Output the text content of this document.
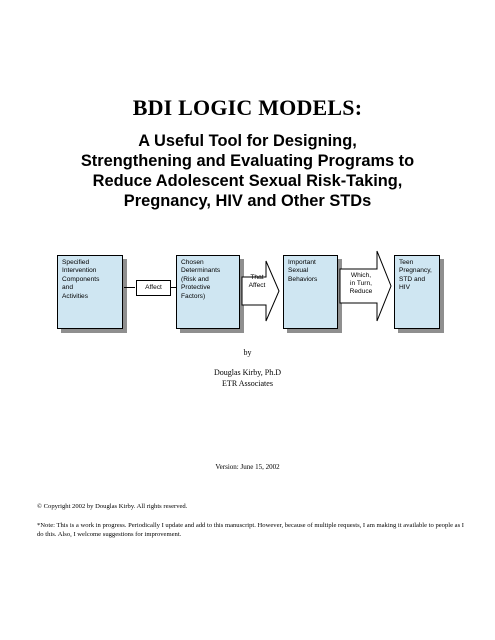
BDI LOGIC MODELS:
A Useful Tool for Designing,
Strengthening and Evaluating Programs to
Reduce Adolescent Sexual Risk-Taking,
Pregnancy, HIV and Other STDs
Specified
Intervention
Components
and
Activities
Affect
Chosen
Determinants
(Risk and
Protective
Factors)
That
Affect
Important
Sexual
Behaviors
Which,
in Turn,
Reduce
Teen
Pregnancy,
STD and
HIV
by
Douglas Kirby, Ph.D
ETR Associates
Version: June 15, 2002
© Copyright 2002 by Douglas Kirby. All rights reserved.
*Note: This is a work in progress. Periodically I update and add to this manuscript. However, because of multiple requests, I am making it available to people as I do this. Also, I welcome suggestions for improvement.
